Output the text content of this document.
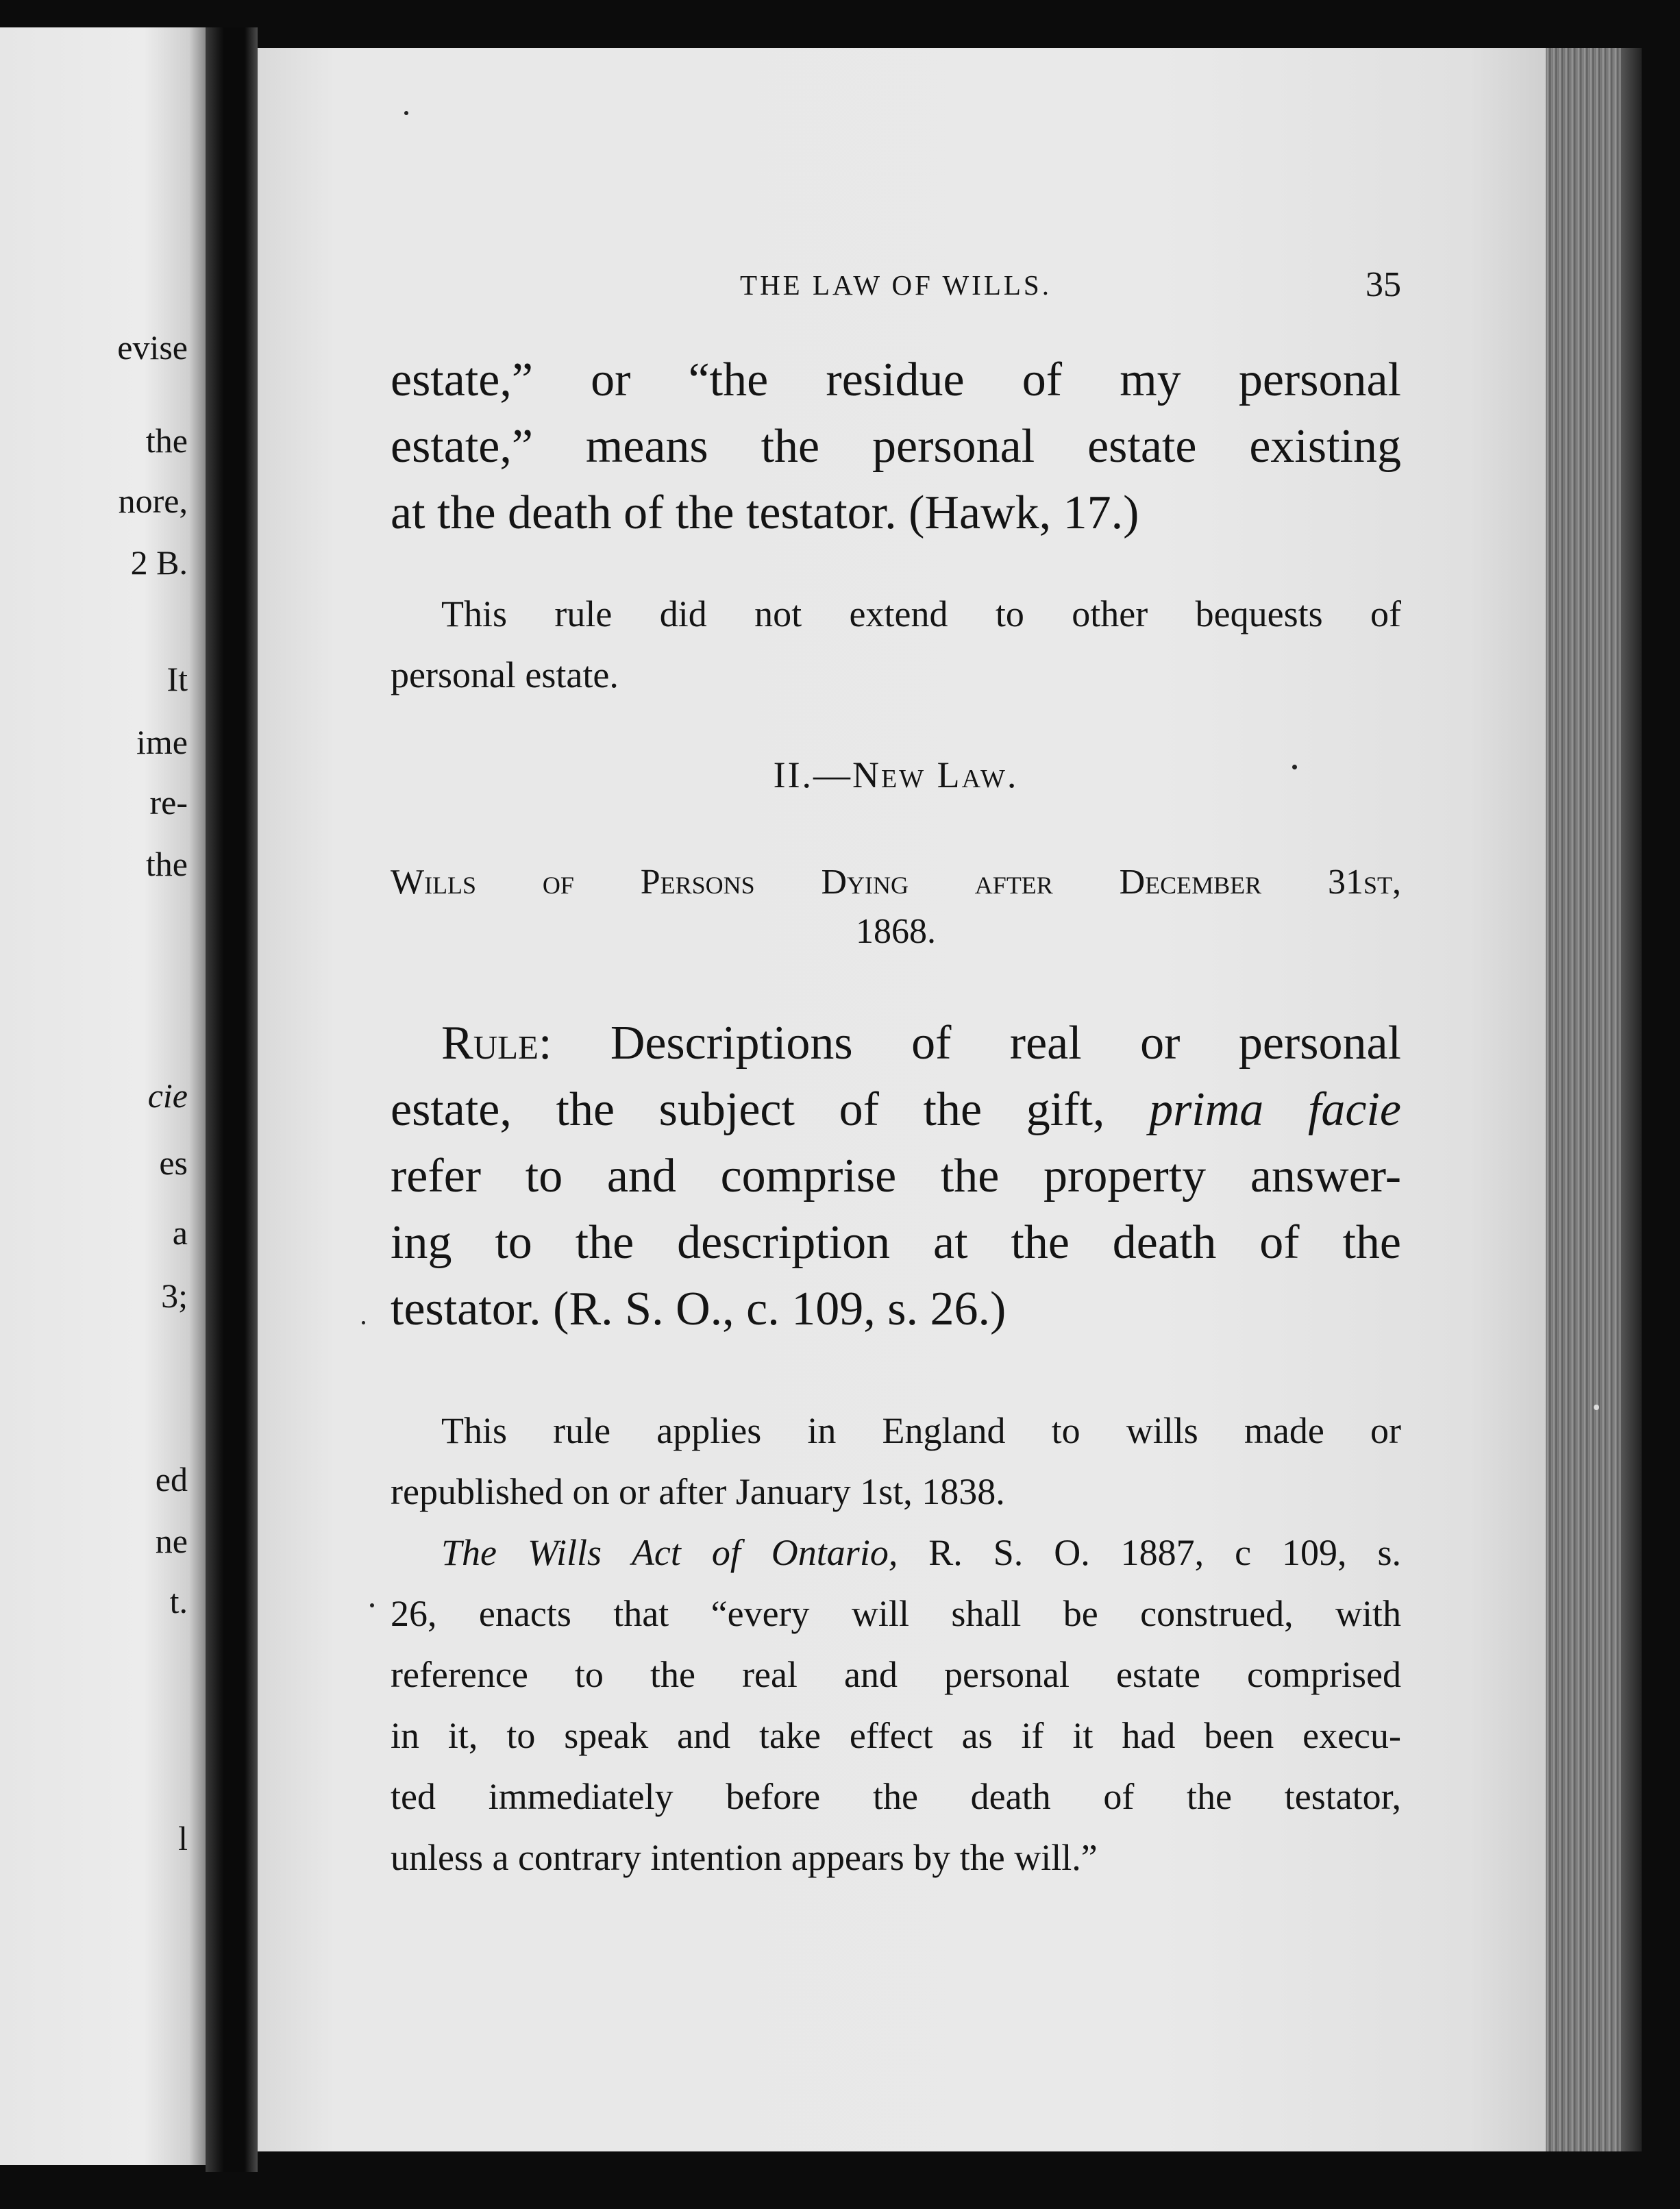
evise
the
nore,
2 B.
It
ime
re-
the
cie
es
a
3;
ed
ne
t.
l
THE LAW OF WILLS.	35
estate,” or “the residue of my personal
estate,” means the personal estate existing
at the death of the testator. (Hawk, 17.)
This rule did not extend to other bequests of
personal estate.
II.—New Law.
Wills of Persons Dying after December 31st,
1868.
Rule: Descriptions of real or personal
estate, the subject of the gift, prima facie
refer to and comprise the property answer-
ing to the description at the death of the
testator. (R. S. O., c. 109, s. 26.)
This rule applies in England to wills made or
republished on or after January 1st, 1838.
The Wills Act of Ontario, R. S. O. 1887, c 109, s.
26, enacts that “every will shall be construed, with
reference to the real and personal estate comprised
in it, to speak and take effect as if it had been execu-
ted immediately before the death of the testator,
unless a contrary intention appears by the will.”
